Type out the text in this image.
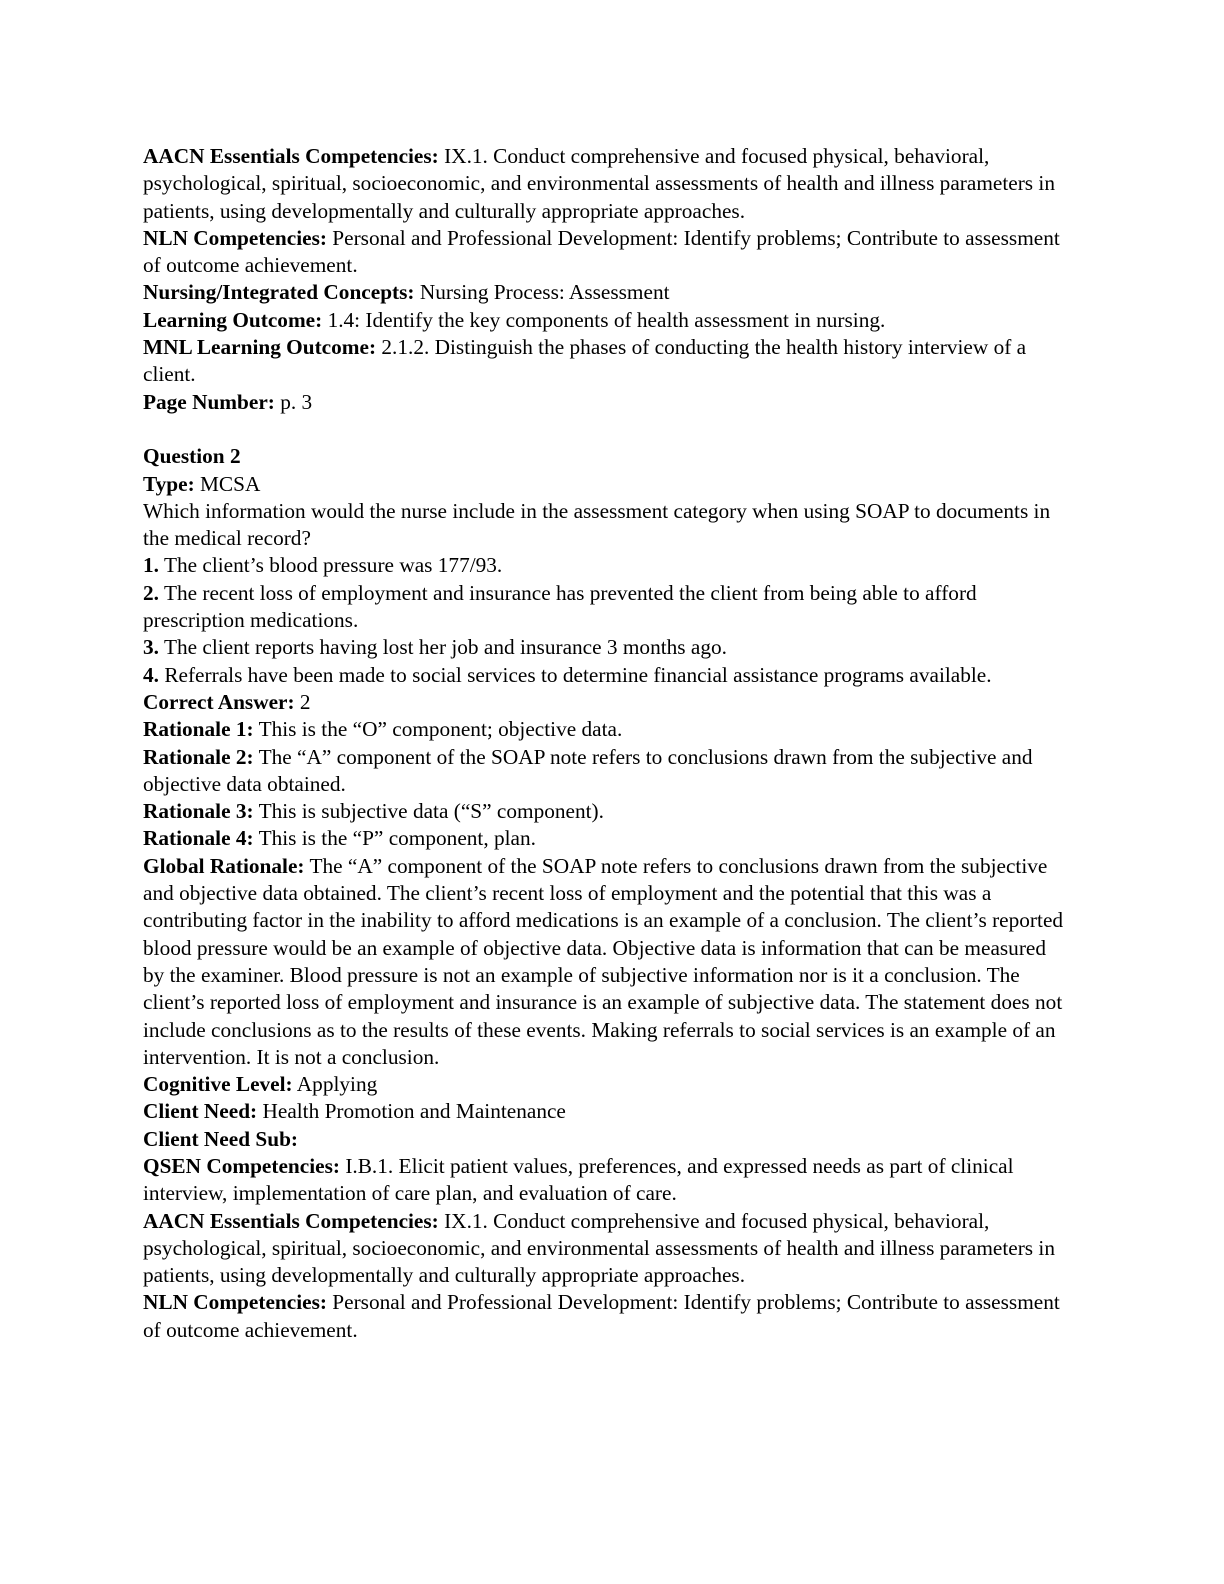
AACN Essentials Competencies: IX.1. Conduct comprehensive and focused physical, behavioral, psychological, spiritual, socioeconomic, and environmental assessments of health and illness parameters in patients, using developmentally and culturally appropriate approaches.

NLN Competencies: Personal and Professional Development: Identify problems; Contribute to assessment of outcome achievement.

Nursing/Integrated Concepts: Nursing Process: Assessment

Learning Outcome: 1.4: Identify the key components of health assessment in nursing.

MNL Learning Outcome: 2.1.2. Distinguish the phases of conducting the health history interview of a client.

Page Number: p. 3

Question 2

Type: MCSA

Which information would the nurse include in the assessment category when using SOAP to documents in the medical record?

1. The client’s blood pressure was 177/93.

2. The recent loss of employment and insurance has prevented the client from being able to afford prescription medications.

3. The client reports having lost her job and insurance 3 months ago.

4. Referrals have been made to social services to determine financial assistance programs available.

Correct Answer: 2

Rationale 1: This is the “O” component; objective data.

Rationale 2: The “A” component of the SOAP note refers to conclusions drawn from the subjective and objective data obtained.

Rationale 3: This is subjective data (“S” component).

Rationale 4: This is the “P” component, plan.

Global Rationale: The “A” component of the SOAP note refers to conclusions drawn from the subjective and objective data obtained. The client’s recent loss of employment and the potential that this was a contributing factor in the inability to afford medications is an example of a conclusion. The client’s reported blood pressure would be an example of objective data. Objective data is information that can be measured by the examiner. Blood pressure is not an example of subjective information nor is it a conclusion. The client’s reported loss of employment and insurance is an example of subjective data. The statement does not include conclusions as to the results of these events. Making referrals to social services is an example of an intervention. It is not a conclusion.

Cognitive Level: Applying

Client Need: Health Promotion and Maintenance

Client Need Sub:

QSEN Competencies: I.B.1. Elicit patient values, preferences, and expressed needs as part of clinical interview, implementation of care plan, and evaluation of care.

AACN Essentials Competencies: IX.1. Conduct comprehensive and focused physical, behavioral, psychological, spiritual, socioeconomic, and environmental assessments of health and illness parameters in patients, using developmentally and culturally appropriate approaches.

NLN Competencies: Personal and Professional Development: Identify problems; Contribute to assessment of outcome achievement.
